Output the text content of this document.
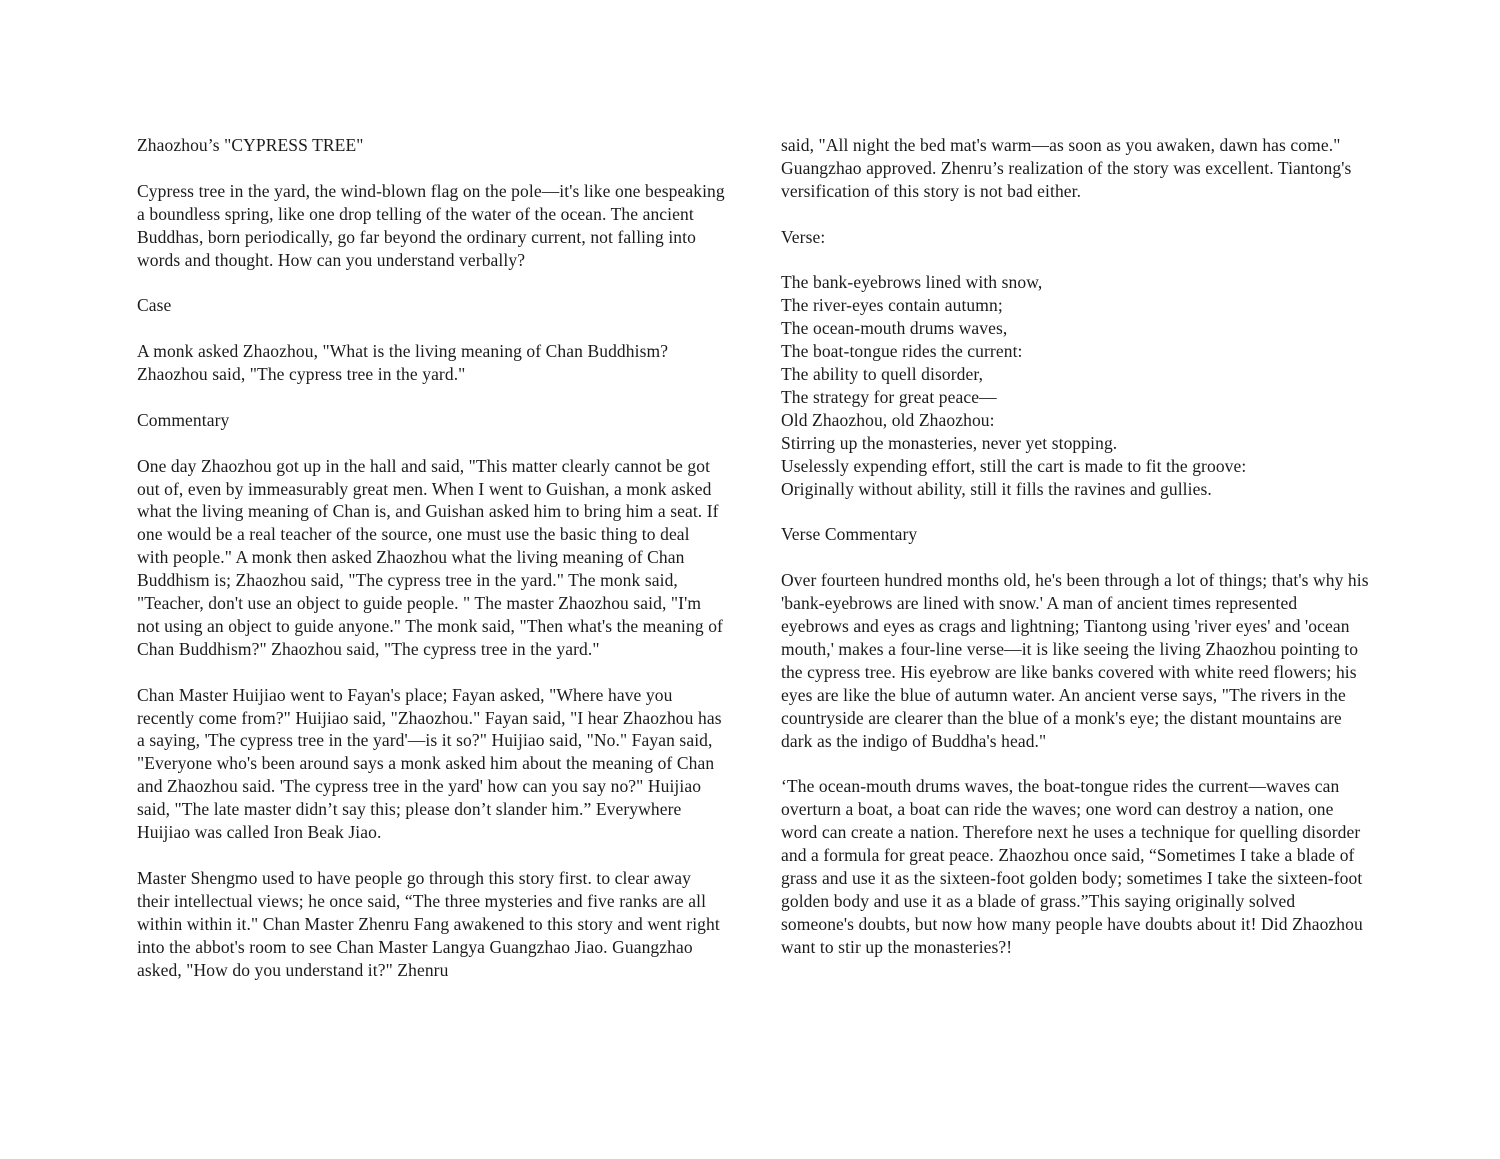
Zhaozhou’s "CYPRESS TREE"
Cypress tree in the yard, the wind-blown flag on the pole—it's like one bespeaking a boundless spring, like one drop telling of the water of the ocean. The ancient Buddhas, born periodically, go far beyond the ordinary current, not falling into words and thought. How can you understand verbally?
Case
A monk asked Zhaozhou, "What is the living meaning of Chan Buddhism? Zhaozhou said, "The cypress tree in the yard."
Commentary
One day Zhaozhou got up in the hall and said, "This matter clearly cannot be got out of, even by immeasurably great men. When I went to Guishan, a monk asked what the living meaning of Chan is, and Guishan asked him to bring him a seat. If one would be a real teacher of the source, one must use the basic thing to deal with people." A monk then asked Zhaozhou what the living meaning of Chan Buddhism is; Zhaozhou said, "The cypress tree in the yard." The monk said, "Teacher, don't use an object to guide people. " The master Zhaozhou said, "I'm not using an object to guide anyone." The monk said, "Then what's the meaning of Chan Buddhism?" Zhaozhou said, "The cypress tree in the yard."
Chan Master Huijiao went to Fayan's place; Fayan asked, "Where have you recently come from?" Huijiao said, "Zhaozhou." Fayan said, "I hear Zhaozhou has a saying, 'The cypress tree in the yard'—is it so?" Huijiao said, "No." Fayan said, "Everyone who's been around says a monk asked him about the meaning of Chan and Zhaozhou said. 'The cypress tree in the yard' how can you say no?" Huijiao said, "The late master didn’t say this; please don’t slander him.” Everywhere Huijiao was called Iron Beak Jiao.
Master Shengmo used to have people go through this story first. to clear away their intellectual views; he once said, “The three mysteries and five ranks are all within within it." Chan Master Zhenru Fang awakened to this story and went right into the abbot's room to see Chan Master Langya Guangzhao Jiao. Guangzhao asked, "How do you understand it?" Zhenru
said, "All night the bed mat's warm—as soon as you awaken, dawn has come." Guangzhao approved. Zhenru’s realization of the story was excellent. Tiantong's versification of this story is not bad either.
Verse:
The bank-eyebrows lined with snow,
The river-eyes contain autumn;
The ocean-mouth drums waves,
The boat-tongue rides the current:
The ability to quell disorder,
The strategy for great peace—
Old Zhaozhou, old Zhaozhou:
Stirring up the monasteries, never yet stopping.
Uselessly expending effort, still the cart is made to fit the groove:
Originally without ability, still it fills the ravines and gullies.
Verse Commentary
Over fourteen hundred months old, he's been through a lot of things; that's why his 'bank-eyebrows are lined with snow.' A man of ancient times represented eyebrows and eyes as crags and lightning; Tiantong using 'river eyes' and 'ocean mouth,' makes a four-line verse—it is like seeing the living Zhaozhou pointing to the cypress tree. His eyebrow are like banks covered with white reed flowers; his eyes are like the blue of autumn water. An ancient verse says, "The rivers in the countryside are clearer than the blue of a monk's eye; the distant mountains are dark as the indigo of Buddha's head."
‘The ocean-mouth drums waves, the boat-tongue rides the current—waves can overturn a boat, a boat can ride the waves; one word can destroy a nation, one word can create a nation. Therefore next he uses a technique for quelling disorder and a formula for great peace. Zhaozhou once said, “Sometimes I take a blade of grass and use it as the sixteen-foot golden body; sometimes I take the sixteen-foot golden body and use it as a blade of grass.”This saying originally solved someone's doubts, but now how many people have doubts about it! Did Zhaozhou want to stir up the monasteries?!
